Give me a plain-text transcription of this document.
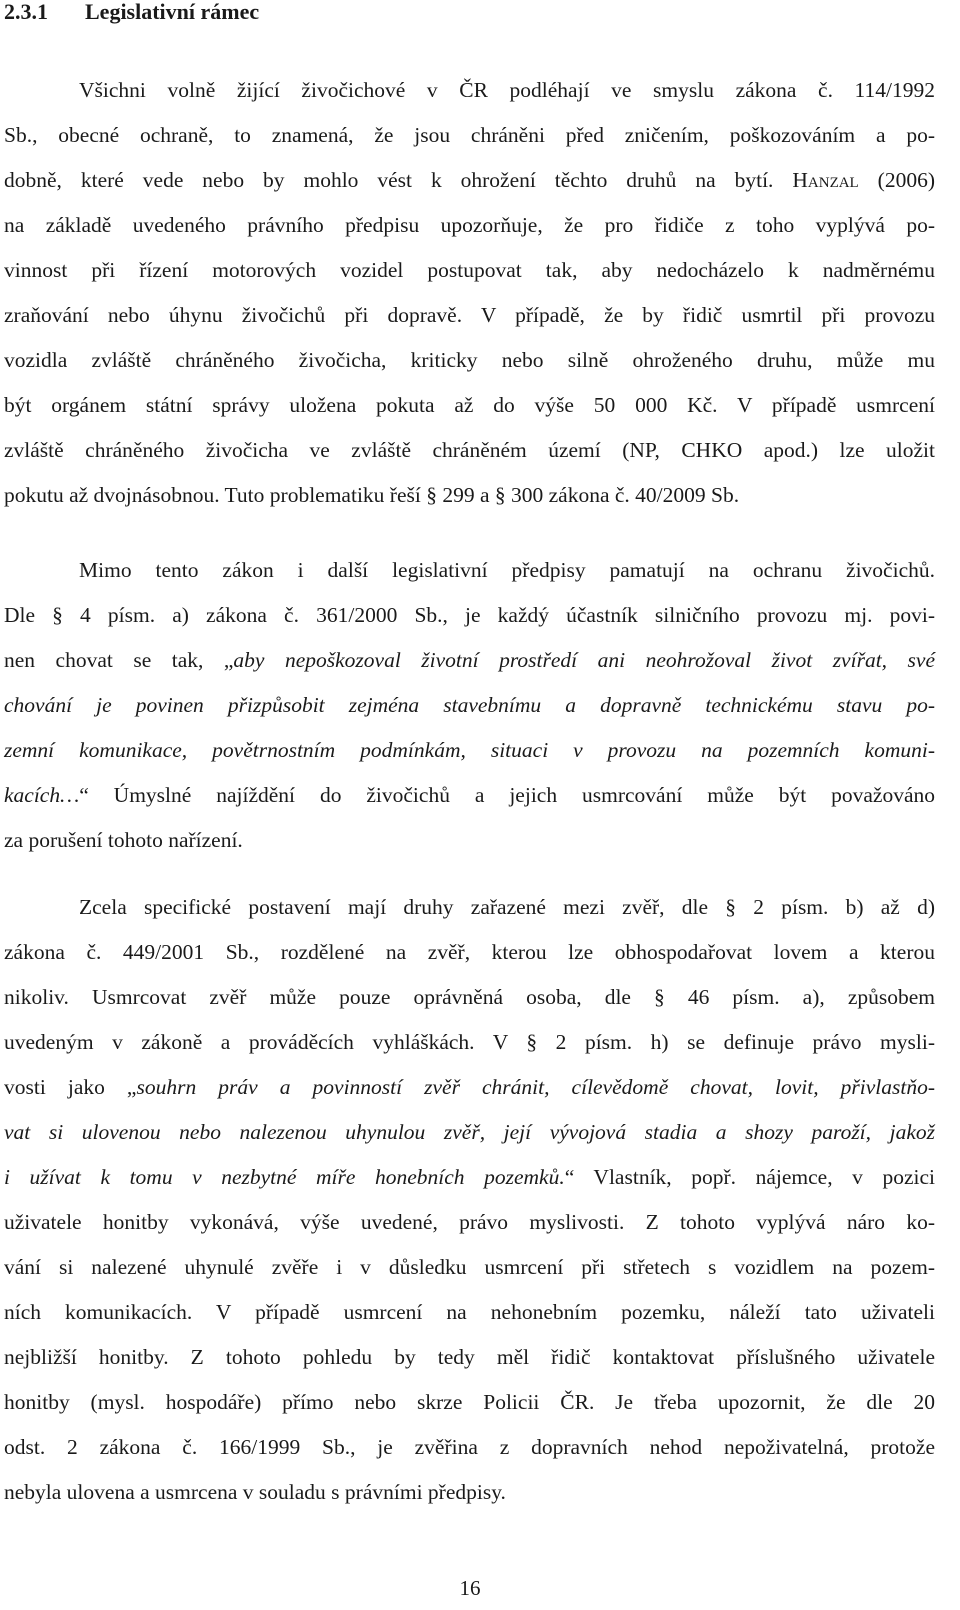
2.3.1 Legislativní rámec
Všichni volně žijící živočichové v ČR podléhají ve smyslu zákona č. 114/1992
Sb., obecné ochraně, to znamená, že jsou chráněni před zničením, poškozováním a po-
dobně, které vede nebo by mohlo vést k ohrožení těchto druhů na bytí. Hanzal (2006)
na základě uvedeného právního předpisu upozorňuje, že pro řidiče z toho vyplývá po-
vinnost při řízení motorových vozidel postupovat tak, aby nedocházelo k nadměrnému
zraňování nebo úhynu živočichů při dopravě. V případě, že by řidič usmrtil při provozu
vozidla zvláště chráněného živočicha, kriticky nebo silně ohroženého druhu, může mu
být orgánem státní správy uložena pokuta až do výše 50 000 Kč. V případě usmrcení
zvláště chráněného živočicha ve zvláště chráněném území (NP, CHKO apod.) lze uložit
pokutu až dvojnásobnou. Tuto problematiku řeší § 299 a § 300 zákona č. 40/2009 Sb.
Mimo tento zákon i další legislativní předpisy pamatují na ochranu živočichů.
Dle § 4 písm. a) zákona č. 361/2000 Sb., je každý účastník silničního provozu mj. povi-
nen chovat se tak, „aby nepoškozoval životní prostředí ani neohrožoval život zvířat, své
chování je povinen přizpůsobit zejména stavebnímu a dopravně technickému stavu po-
zemní komunikace, povětrnostním podmínkám, situaci v provozu na pozemních komuni-
kacích…“ Úmyslné najíždění do živočichů a jejich usmrcování může být považováno
za porušení tohoto nařízení.
Zcela specifické postavení mají druhy zařazené mezi zvěř, dle § 2 písm. b) až d)
zákona č. 449/2001 Sb., rozdělené na zvěř, kterou lze obhospodařovat lovem a kterou
nikoliv. Usmrcovat zvěř může pouze oprávněná osoba, dle § 46 písm. a), způsobem
uvedeným v zákoně a prováděcích vyhláškách. V § 2 písm. h) se definuje právo mysli-
vosti jako „souhrn práv a povinností zvěř chránit, cílevědomě chovat, lovit, přivlastňo-
vat si ulovenou nebo nalezenou uhynulou zvěř, její vývojová stadia a shozy paroží, jakož
i užívat k tomu v nezbytné míře honebních pozemků.“ Vlastník, popř. nájemce, v pozici
uživatele honitby vykonává, výše uvedené, právo myslivosti. Z tohoto vyplývá náro ko-
vání si nalezené uhynulé zvěře i v důsledku usmrcení při střetech s vozidlem na pozem-
ních komunikacích. V případě usmrcení na nehonebním pozemku, náleží tato uživateli
nejbližší honitby. Z tohoto pohledu by tedy měl řidič kontaktovat příslušného uživatele
honitby (mysl. hospodáře) přímo nebo skrze Policii ČR. Je třeba upozornit, že dle 20
odst. 2 zákona č. 166/1999 Sb., je zvěřina z dopravních nehod nepoživatelná, protože
nebyla ulovena a usmrcena v souladu s právními předpisy.

16
